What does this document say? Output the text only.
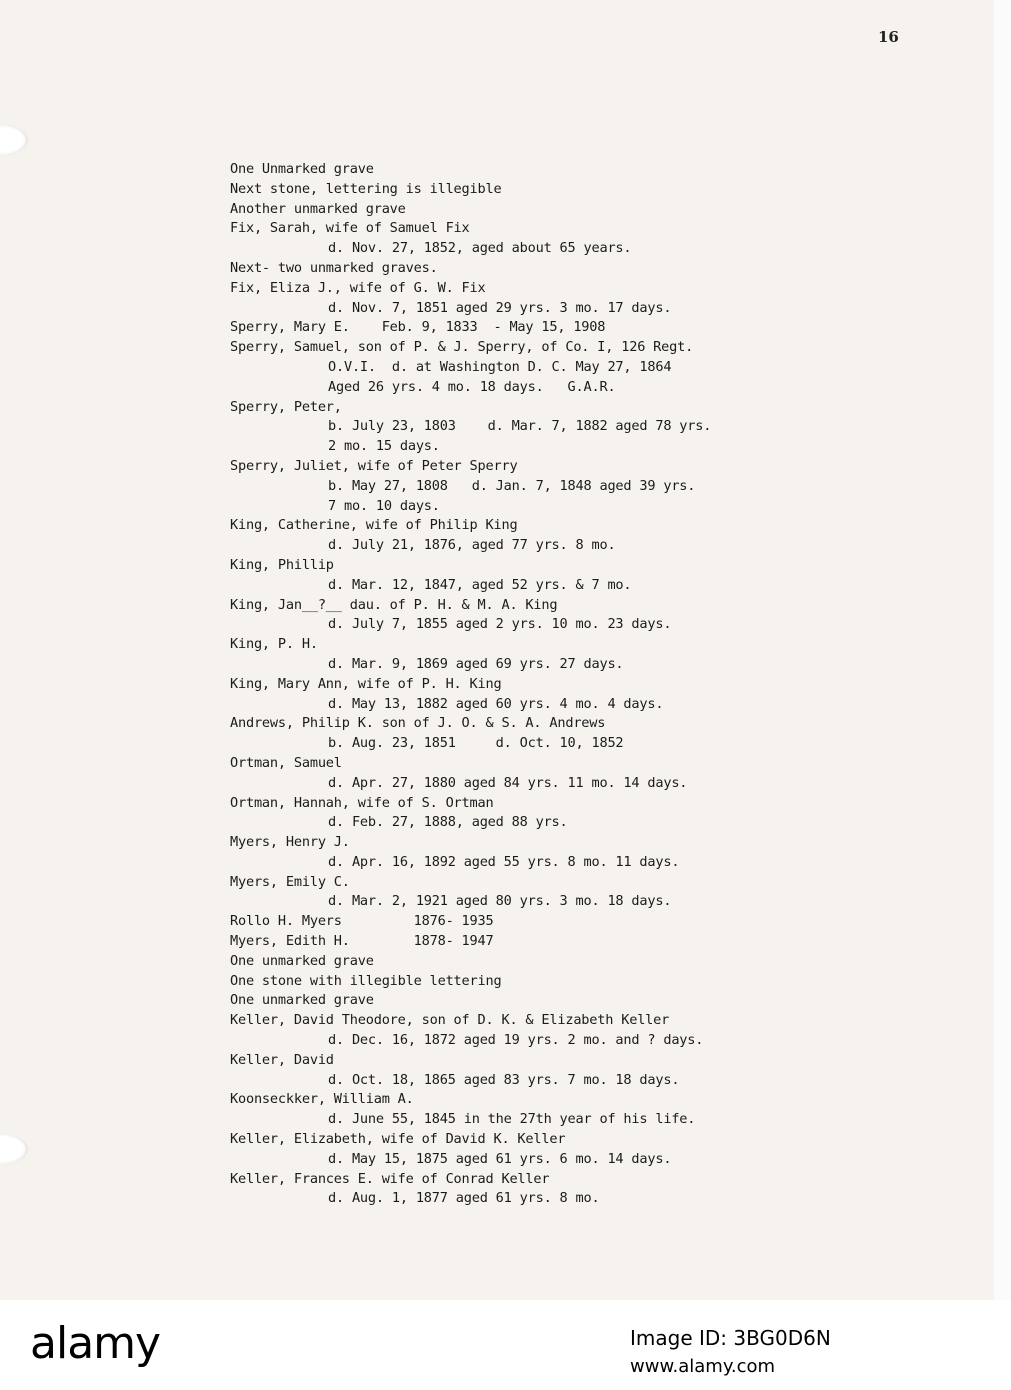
16
One Unmarked grave
Next stone, lettering is illegible
Another unmarked grave
Fix, Sarah, wife of Samuel Fix
d. Nov. 27, 1852, aged about 65 years.
Next- two unmarked graves.
Fix, Eliza J., wife of G. W. Fix
d. Nov. 7, 1851 aged 29 yrs. 3 mo. 17 days.
Sperry, Mary E.    Feb. 9, 1833  - May 15, 1908
Sperry, Samuel, son of P. & J. Sperry, of Co. I, 126 Regt.
O.V.I.  d. at Washington D. C. May 27, 1864
Aged 26 yrs. 4 mo. 18 days.   G.A.R.
Sperry, Peter,
b. July 23, 1803    d. Mar. 7, 1882 aged 78 yrs.
2 mo. 15 days.
Sperry, Juliet, wife of Peter Sperry
b. May 27, 1808   d. Jan. 7, 1848 aged 39 yrs.
7 mo. 10 days.
King, Catherine, wife of Philip King
d. July 21, 1876, aged 77 yrs. 8 mo.
King, Phillip
d. Mar. 12, 1847, aged 52 yrs. & 7 mo.
King, Jan__?__ dau. of P. H. & M. A. King
d. July 7, 1855 aged 2 yrs. 10 mo. 23 days.
King, P. H.
d. Mar. 9, 1869 aged 69 yrs. 27 days.
King, Mary Ann, wife of P. H. King
d. May 13, 1882 aged 60 yrs. 4 mo. 4 days.
Andrews, Philip K. son of J. O. & S. A. Andrews
b. Aug. 23, 1851     d. Oct. 10, 1852
Ortman, Samuel
d. Apr. 27, 1880 aged 84 yrs. 11 mo. 14 days.
Ortman, Hannah, wife of S. Ortman
d. Feb. 27, 1888, aged 88 yrs.
Myers, Henry J.
d. Apr. 16, 1892 aged 55 yrs. 8 mo. 11 days.
Myers, Emily C.
d. Mar. 2, 1921 aged 80 yrs. 3 mo. 18 days.
Rollo H. Myers         1876- 1935
Myers, Edith H.        1878- 1947
One unmarked grave
One stone with illegible lettering
One unmarked grave
Keller, David Theodore, son of D. K. & Elizabeth Keller
d. Dec. 16, 1872 aged 19 yrs. 2 mo. and ? days.
Keller, David
d. Oct. 18, 1865 aged 83 yrs. 7 mo. 18 days.
Koonseckker, William A.
d. June 55, 1845 in the 27th year of his life.
Keller, Elizabeth, wife of David K. Keller
d. May 15, 1875 aged 61 yrs. 6 mo. 14 days.
Keller, Frances E. wife of Conrad Keller
d. Aug. 1, 1877 aged 61 yrs. 8 mo.
alamy	Image ID: 3BG0D6N
www.alamy.com
